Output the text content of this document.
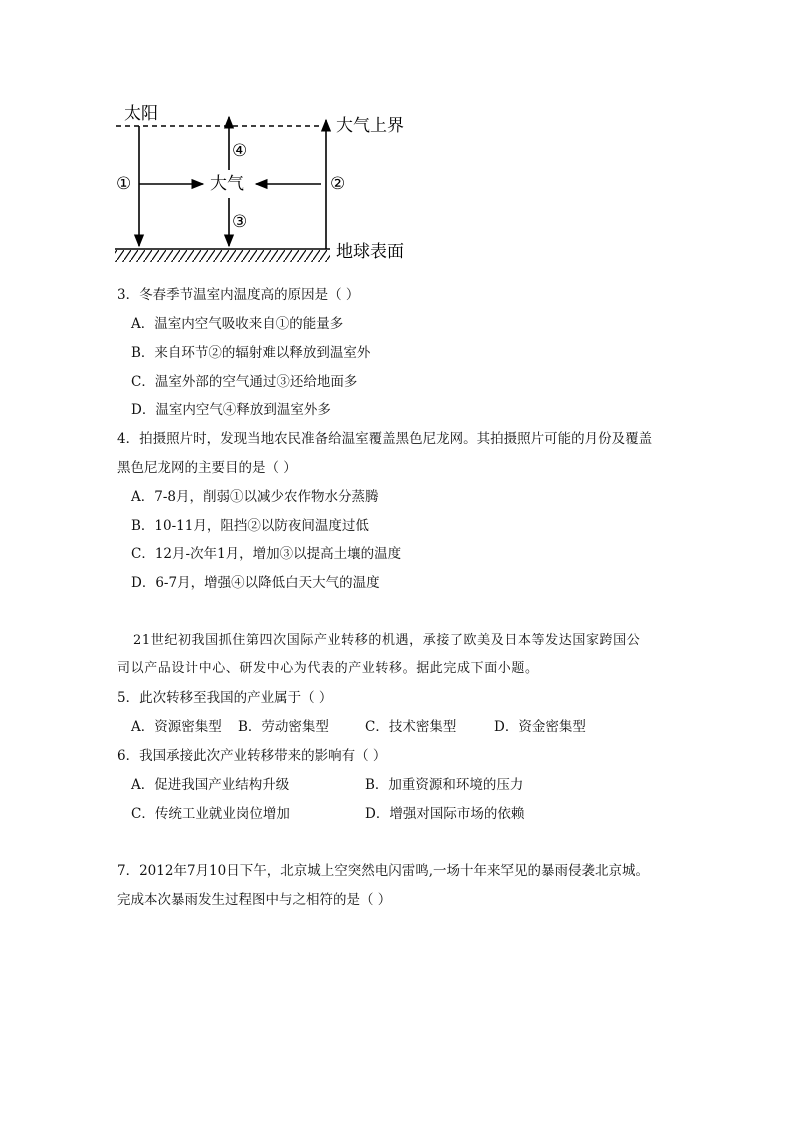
太阳
大气上界
大气
地球表面
①	②
③
④
3．冬春季节温室内温度高的原因是（ ）
A．温室内空气吸收来自①的能量多
B．来自环节②的辐射难以释放到温室外
C．温室外部的空气通过③还给地面多
D．温室内空气④释放到温室外多
4．拍摄照片时，发现当地农民准备给温室覆盖黑色尼龙网。其拍摄照片可能的月份及覆盖
黑色尼龙网的主要目的是（ ）
A．7-8月，削弱①以减少农作物水分蒸腾
B．10-11月，阻挡②以防夜间温度过低
C．12月-次年1月，增加③以提高土壤的温度
D．6-7月，增强④以降低白天大气的温度
21世纪初我国抓住第四次国际产业转移的机遇，承接了欧美及日本等发达国家跨国公
司以产品设计中心、研发中心为代表的产业转移。据此完成下面小题。
5．此次转移至我国的产业属于（ ）
A．资源密集型 B．劳动密集型	C．技术密集型	D．资金密集型
6．我国承接此次产业转移带来的影响有（ ）
A．促进我国产业结构升级	B．加重资源和环境的压力
C．传统工业就业岗位增加	D．增强对国际市场的依赖
7．2012年7月10日下午，北京城上空突然电闪雷鸣,一场十年来罕见的暴雨侵袭北京城。
完成本次暴雨发生过程图中与之相符的是（ ）
